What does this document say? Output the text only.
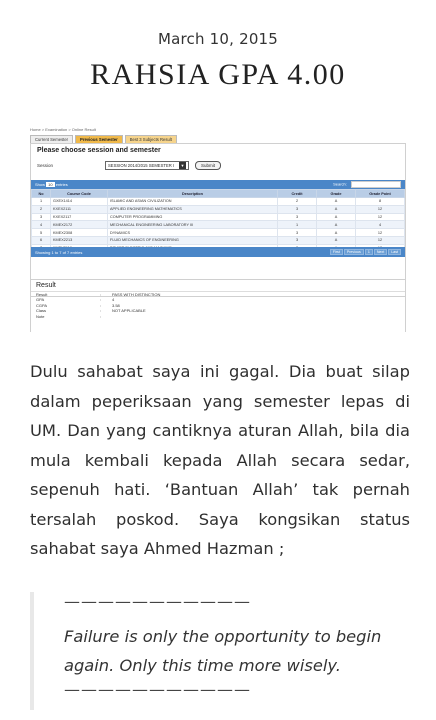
March 10, 2015
RAHSIA GPA 4.00
Home > Examination > Online Result
Current Semester	Previous Semester	Best 3 Subjects Result
Please choose session and semester
Session	SESSION 2014/2015 SEMESTER I	▼	Submit
Show 10 entries	Search:
No	Course Code	Description	Credit	Grade	Grade Point
1	GXEX1414	ISLAMIC AND ASIAN CIVILIZATION	2	A	8
2	KXEX2111	APPLIED ENGINEERING MATHEMATICS	3	A	12
3	KXEX2117	COMPUTER PROGRAMMING	3	A	12
4	KMEX2172	MECHANICAL ENGINEERING LABORATORY III	1	A	4
5	KMEX2308	DYNAMICS	3	A	12
6	KMEX2213	FLUID MECHANICS OF ENGINEERING	3	A	12

Showing 1 to 7 of 7 entries	First	Previous	1	Next	Last
Result
Result	:	PASS WITH DISTINCTION
GPA	:	4
CGPA	:	3.58
Class	:	NOT APPLICABLE
Note	:

Dulu sahabat saya ini gagal. Dia buat silap dalam peperiksaan yang semester lepas di UM. Dan yang cantiknya aturan Allah, bila dia mula kembali kepada Allah secara sedar, sepenuh hati. ‘Bantuan Allah’ tak pernah tersalah poskod. Saya kongsikan status sahabat saya Ahmed Hazman ;

———————————

Failure is only the opportunity to begin again. Only this time more wisely.

———————————
